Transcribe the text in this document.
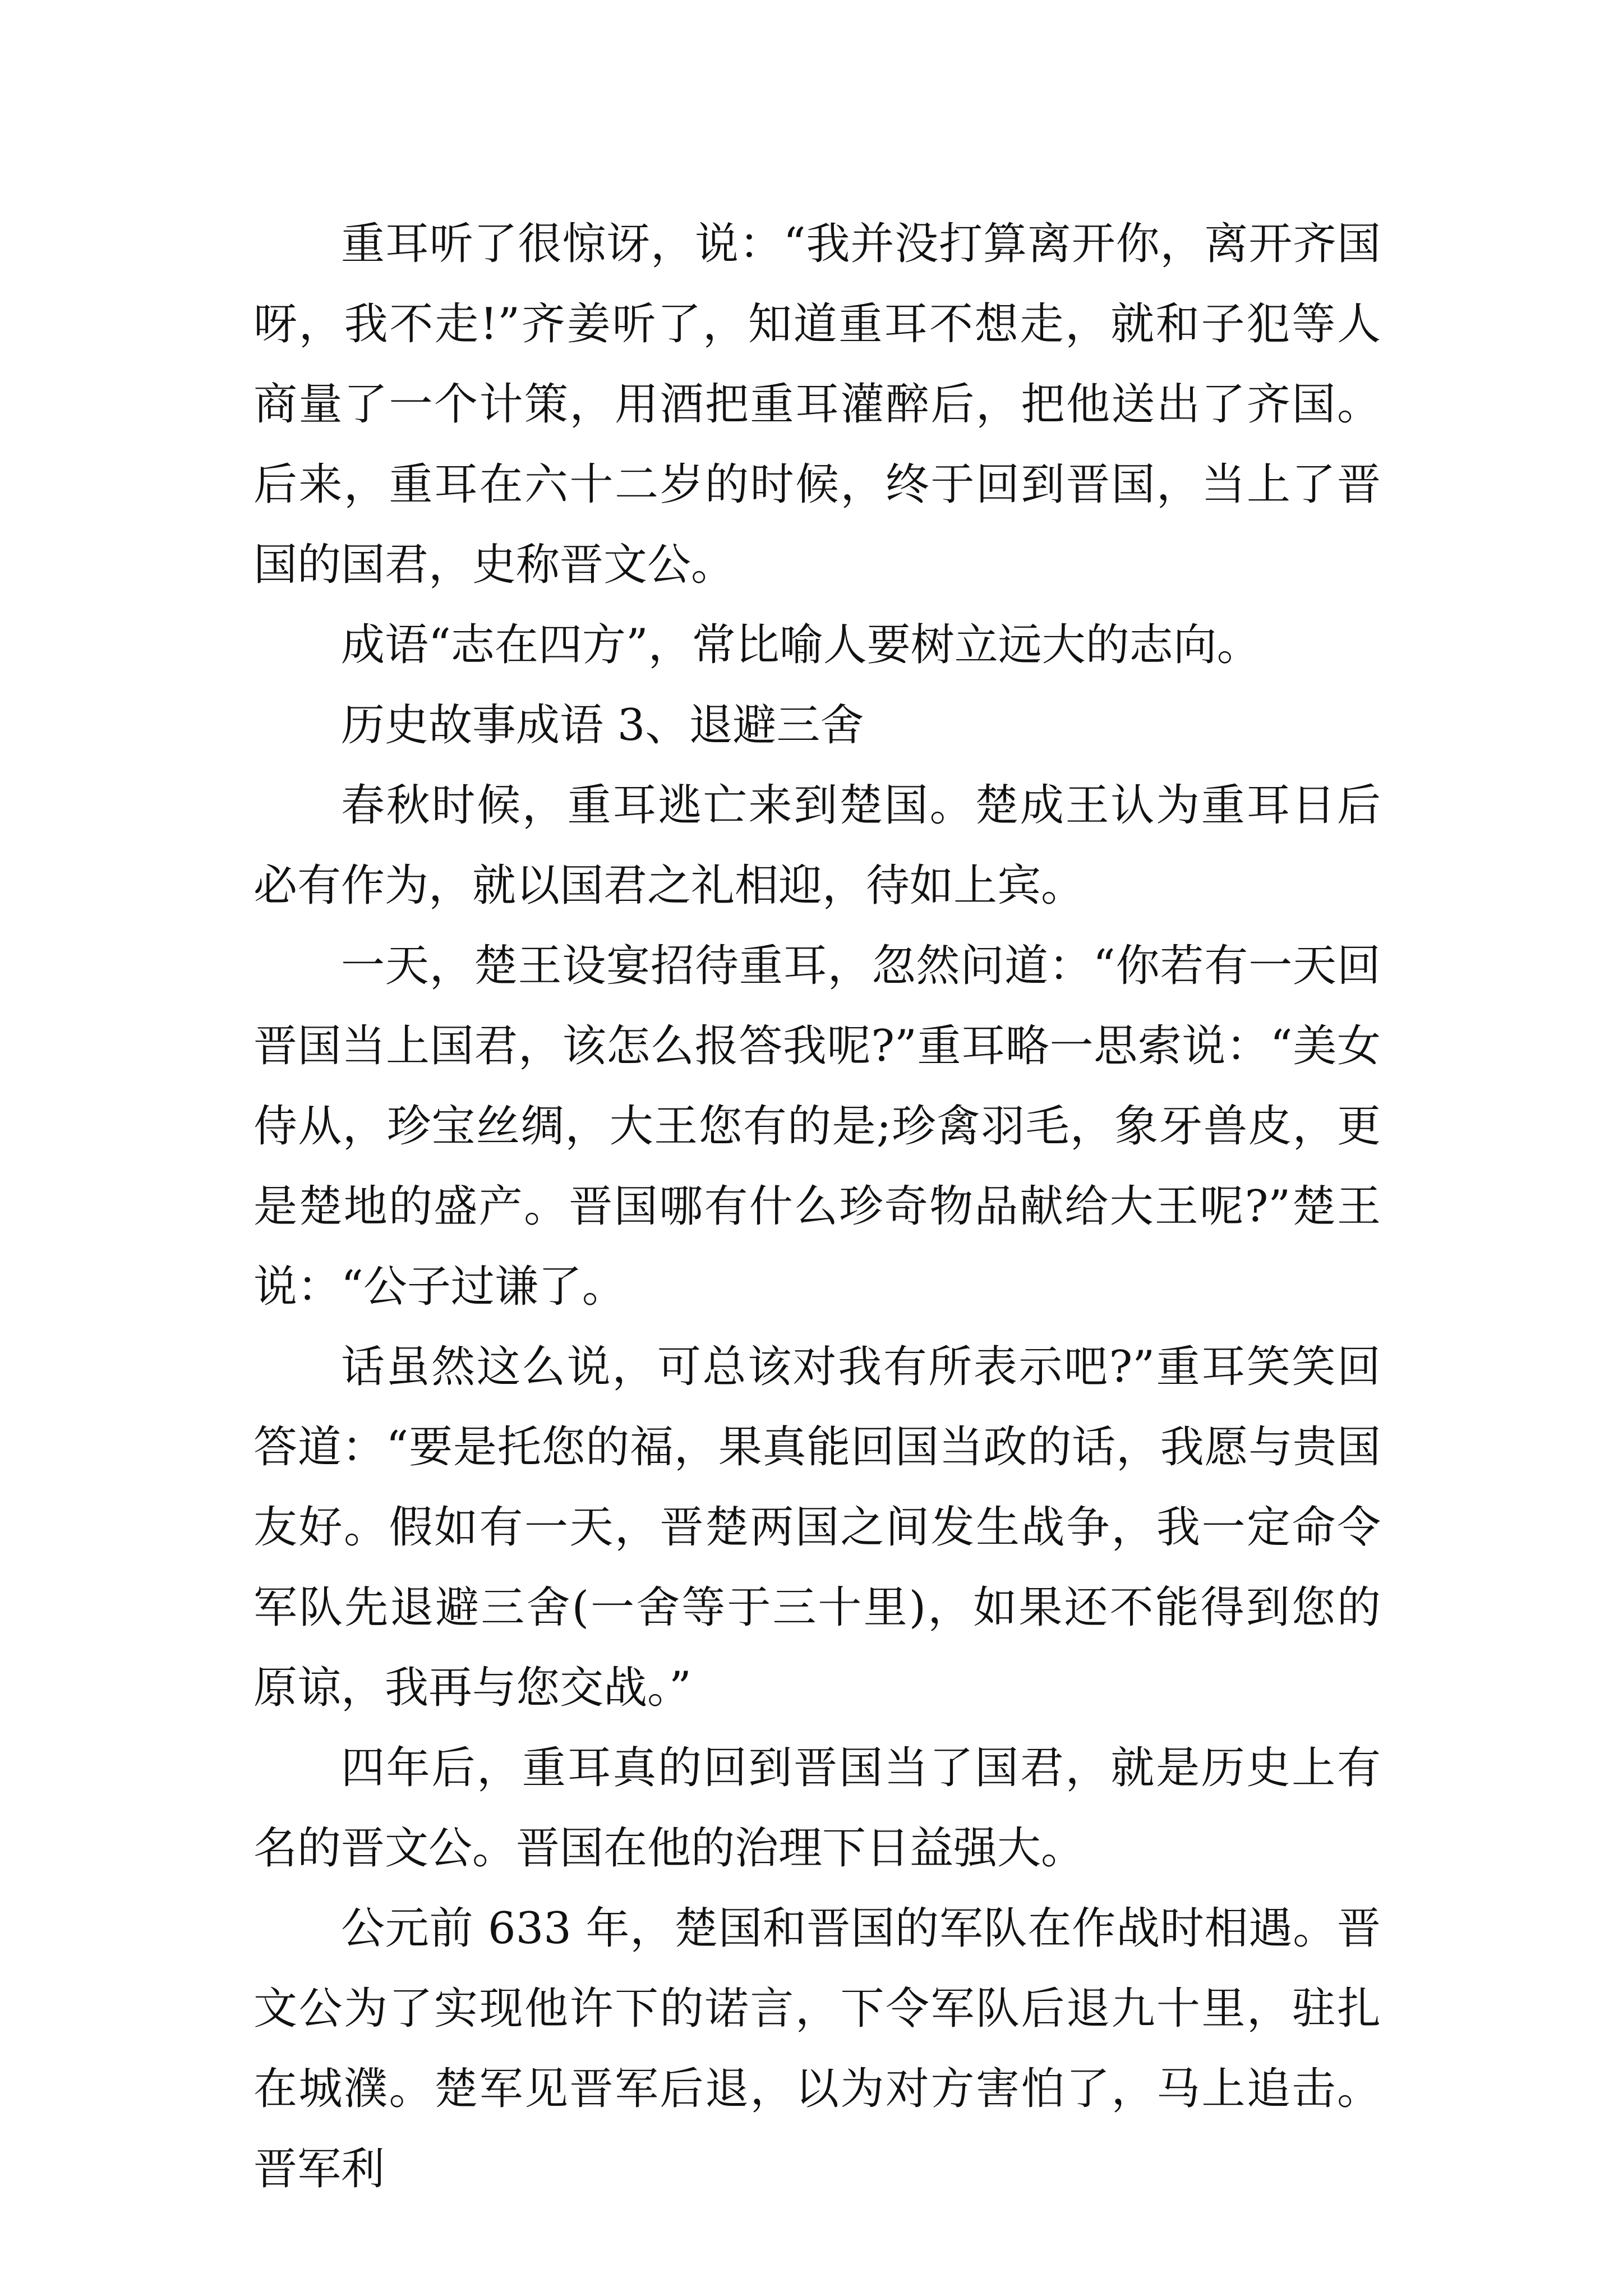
重耳听了很惊讶，说：“我并没打算离开你，离开齐国呀，我不走!”齐姜听了，知道重耳不想走，就和子犯等人商量了一个计策，用酒把重耳灌醉后，把他送出了齐国。后来，重耳在六十二岁的时候，终于回到晋国，当上了晋国的国君，史称晋文公。

成语“志在四方”，常比喻人要树立远大的志向。

历史故事成语 3、退避三舍

春秋时候，重耳逃亡来到楚国。楚成王认为重耳日后必有作为，就以国君之礼相迎，待如上宾。

一天，楚王设宴招待重耳，忽然问道：“你若有一天回晋国当上国君，该怎么报答我呢?”重耳略一思索说：“美女侍从，珍宝丝绸，大王您有的是;珍禽羽毛，象牙兽皮，更是楚地的盛产。晋国哪有什么珍奇物品献给大王呢?”楚王说：“公子过谦了。

话虽然这么说，可总该对我有所表示吧?”重耳笑笑回答道：“要是托您的福，果真能回国当政的话，我愿与贵国友好。假如有一天，晋楚两国之间发生战争，我一定命令军队先退避三舍(一舍等于三十里)，如果还不能得到您的原谅，我再与您交战。”

四年后，重耳真的回到晋国当了国君，就是历史上有名的晋文公。晋国在他的治理下日益强大。

公元前 633 年，楚国和晋国的军队在作战时相遇。晋文公为了实现他许下的诺言，下令军队后退九十里，驻扎在城濮。楚军见晋军后退，以为对方害怕了，马上追击。晋军利
